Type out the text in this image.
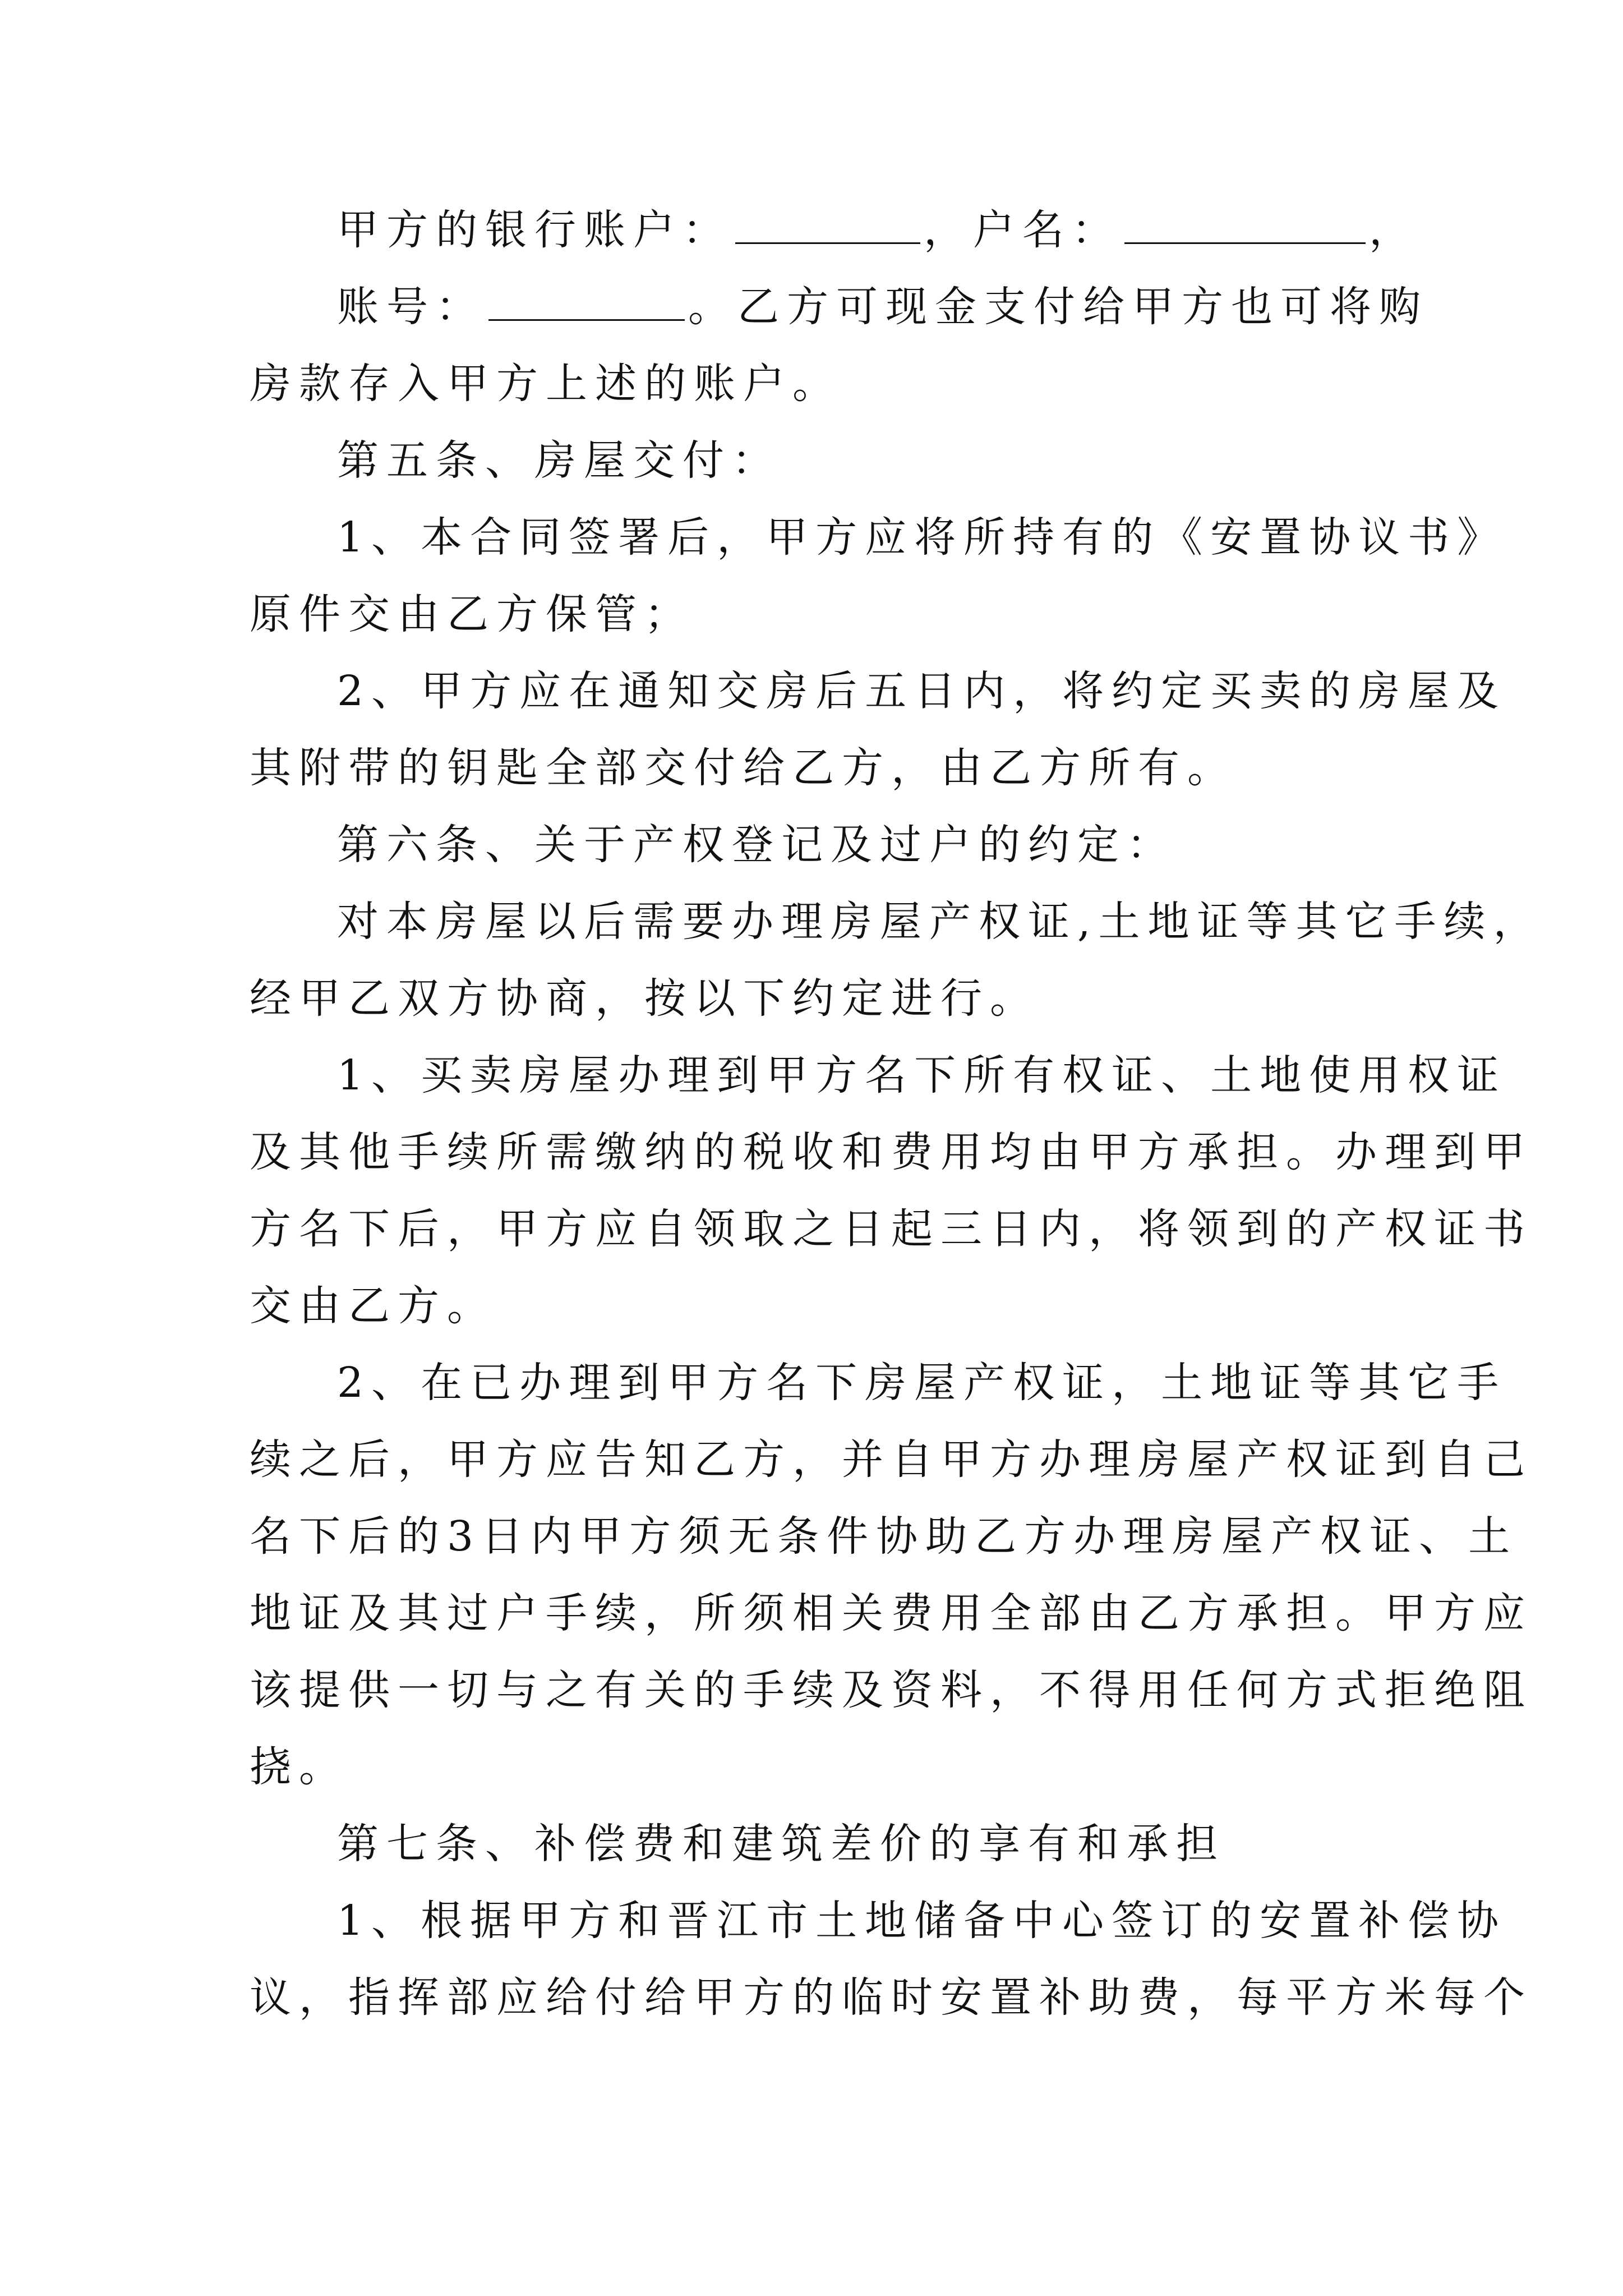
甲方的银行账户：	，户名：	，
账号：	。乙方可现金支付给甲方也可将购
房款存入甲方上述的账户。
第五条、房屋交付：
1、本合同签署后，甲方应将所持有的《安置协议书》
原件交由乙方保管；
2、甲方应在通知交房后五日内，将约定买卖的房屋及
其附带的钥匙全部交付给乙方，由乙方所有。
第六条、关于产权登记及过户的约定：
对本房屋以后需要办理房屋产权证,土地证等其它手续，
经甲乙双方协商，按以下约定进行。
1、买卖房屋办理到甲方名下所有权证、土地使用权证
及其他手续所需缴纳的税收和费用均由甲方承担。办理到甲
方名下后，甲方应自领取之日起三日内，将领到的产权证书
交由乙方。
2、在已办理到甲方名下房屋产权证，土地证等其它手
续之后，甲方应告知乙方，并自甲方办理房屋产权证到自己
名下后的3日内甲方须无条件协助乙方办理房屋产权证、土
地证及其过户手续，所须相关费用全部由乙方承担。甲方应
该提供一切与之有关的手续及资料，不得用任何方式拒绝阻
挠。
第七条、补偿费和建筑差价的享有和承担
1、根据甲方和晋江市土地储备中心签订的安置补偿协
议，指挥部应给付给甲方的临时安置补助费，每平方米每个
